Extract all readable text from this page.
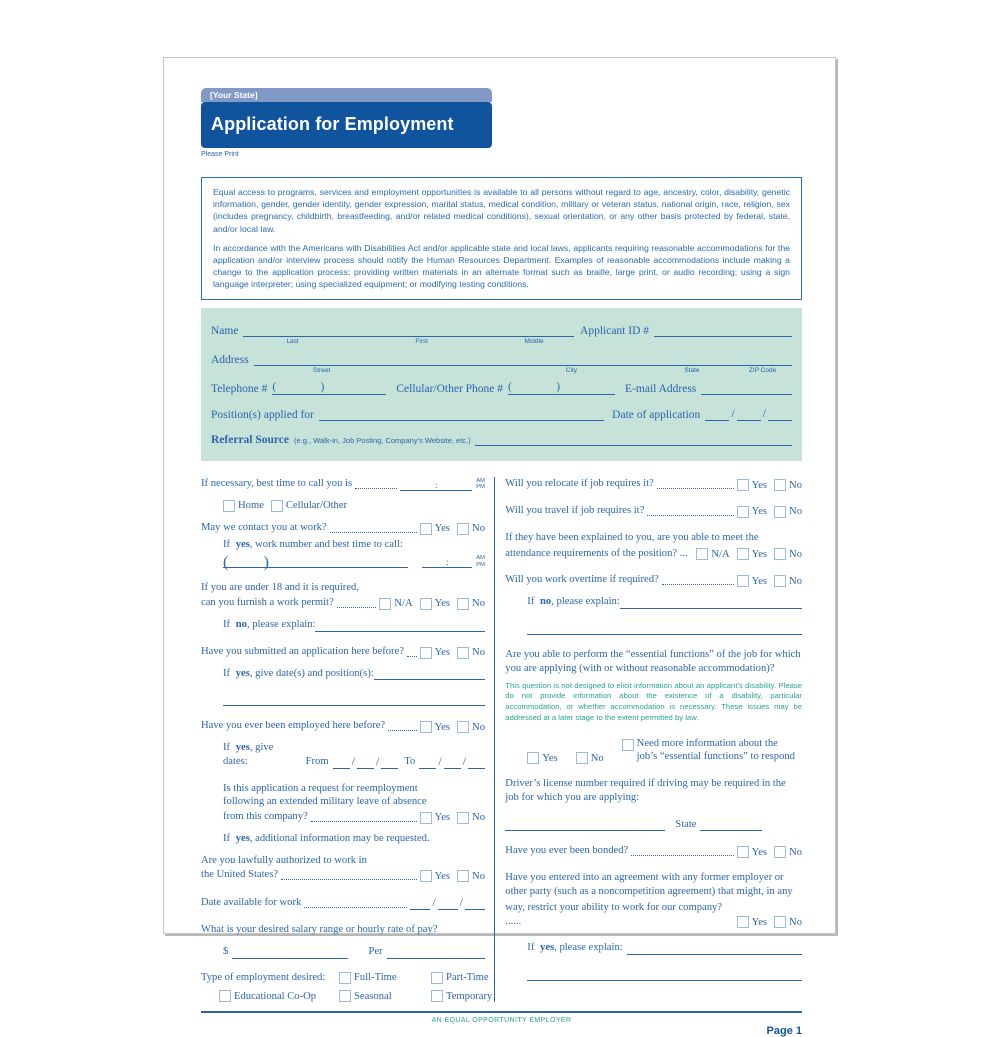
[Your State]
Application for Employment
Please Print

Equal access to programs, services and employment opportunities is available to all persons without regard to age, ancestry, color, disability, genetic information, gender, gender identity, gender expression, marital status, medical condition, military or veteran status, national origin, race, religion, sex (includes pregnancy, childbirth, breastfeeding, and/or related medical conditions), sexual orientation, or any other basis protected by federal, state, and/or local law.

In accordance with the Americans with Disabilities Act and/or applicable state and local laws, applicants requiring reasonable accommodations for the application and/or interview process should notify the Human Resources Department. Examples of reasonable accommodations include making a change to the application process; providing written materials in an alternate format such as braille, large print, or audio recording; using a sign language interpreter; using specialized equipment; or modifying testing conditions.

Name
Last	First	Middle
Applicant ID #
Address
Street	City	State	ZIP Code
Telephone # (	)	Cellular/Other Phone # (	)	E-mail Address
Position(s) applied for	Date of application	/ /
Referral Source (e.g., Walk-in, Job Posting, Company’s Website, etc.)
If necessary, best time to call you is	:	AM
PM
Home Cellular/Other
May we contact you at work?	Yes No
If yes, work number and best time to call:
( )	:	AM
PM
If you are under 18 and it is required,
can you furnish a work permit?	N/A Yes No
If no, please explain:
Have you submitted an application here before?	Yes No
If yes, give date(s) and position(s):
Have you ever been employed here before?	Yes No
If yes, give dates:	From / / To / /
Is this application a request for reemployment
following an extended military leave of absence
from this company?	Yes No
If yes, additional information may be requested.
Are you lawfully authorized to work in
the United States?	Yes No
Date available for work	/ /
What is your desired salary range or hourly rate of pay?
$	Per
Type of employment desired:	Full-Time	Part-Time
Educational Co-Op	Seasonal	Temporary
Will you relocate if job requires it?	Yes No
Will you travel if job requires it?	Yes No
If they have been explained to you, are you able to meet the
attendance requirements of the position? ... N/A Yes No
Will you work overtime if required?	Yes No
If no, please explain:
Are you able to perform the “essential functions” of the job for which
you are applying (with or without reasonable accommodation)?
This question is not designed to elicit information about an applicant’s disability. Please do not provide information about the existence of a disability, particular accommodation, or whether accommodation is necessary. These issues may be addressed at a later stage to the extent permitted by law.
Yes	No
Need more information about the
job’s “essential functions” to respond
Driver’s license number required if driving may be required in the
job for which you are applying:
State
Have you ever been bonded?	Yes No
Have you entered into an agreement with any former employer or
other party (such as a noncompetition agreement) that might, in any
way, restrict your ability to work for our company? ......	Yes No
If yes, please explain:
AN EQUAL OPPORTUNITY EMPLOYER
Page 1
